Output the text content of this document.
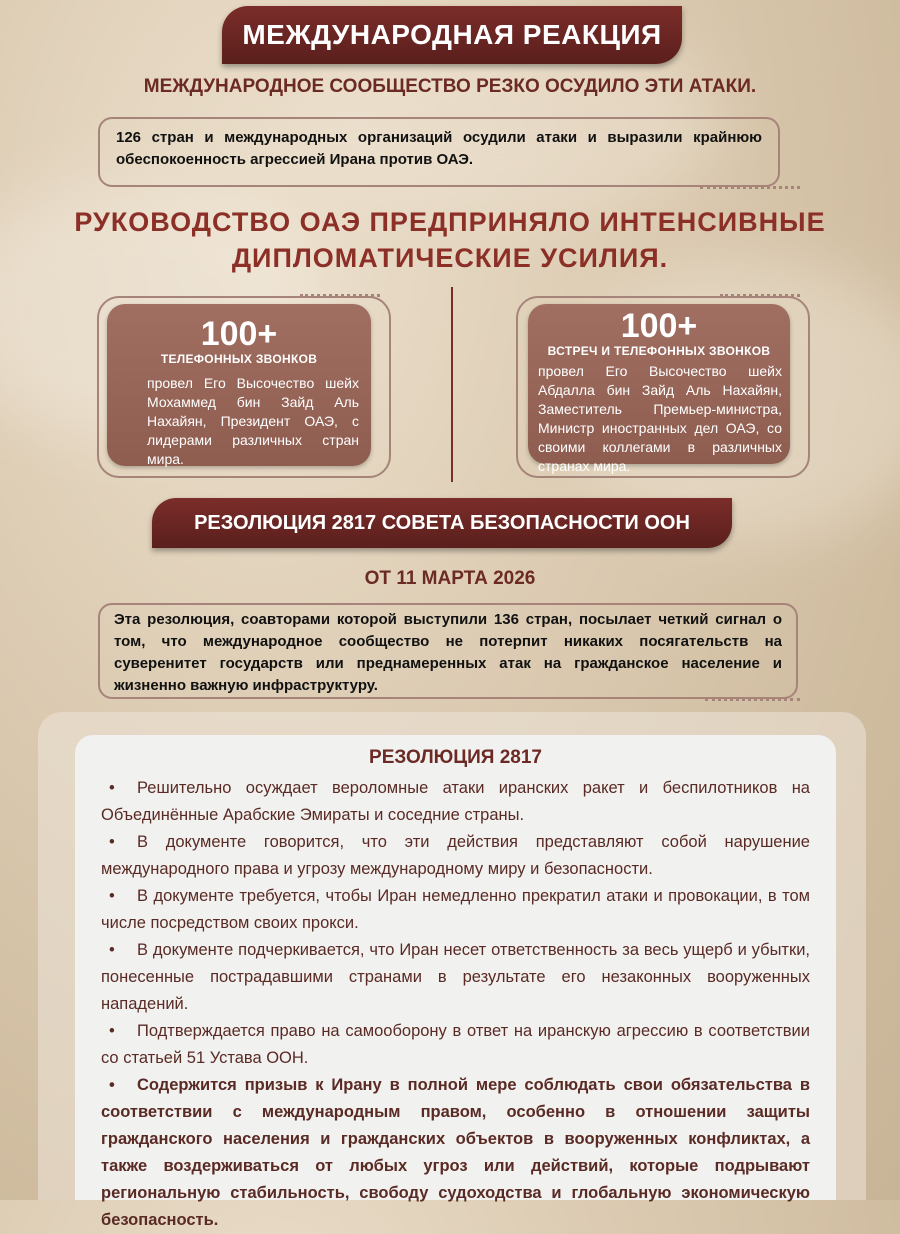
МЕЖДУНАРОДНАЯ РЕАКЦИЯ
МЕЖДУНАРОДНОЕ СООБЩЕСТВО РЕЗКО ОСУДИЛО ЭТИ АТАКИ.
126 стран и международных организаций осудили атаки и выразили крайнюю обеспокоенность агрессией Ирана против ОАЭ.
РУКОВОДСТВО ОАЭ ПРЕДПРИНЯЛО ИНТЕНСИВНЫЕ
ДИПЛОМАТИЧЕСКИЕ УСИЛИЯ.
100+
ТЕЛЕФОННЫХ ЗВОНКОВ
провел Его Высочество шейх Мохаммед бин Зайд Аль Нахайян, Президент ОАЭ, с лидерами различных стран мира.
100+
ВСТРЕЧ И ТЕЛЕФОННЫХ ЗВОНКОВ
провел Его Высочество шейх Абдалла бин Зайд Аль Нахайян, Заместитель Премьер-министра, Министр иностранных дел ОАЭ, со своими коллегами в различных странах мира.
РЕЗОЛЮЦИЯ 2817 СОВЕТА БЕЗОПАСНОСТИ ООН
ОТ 11 МАРТА 2026
Эта резолюция, соавторами которой выступили 136 стран, посылает четкий сигнал о том, что международное сообщество не потерпит никаких посягательств на суверенитет государств или преднамеренных атак на гражданское население и жизненно важную инфраструктуру.
РЕЗОЛЮЦИЯ 2817

• Решительно осуждает вероломные атаки иранских ракет и беспилотников на Объединённые Арабские Эмираты и соседние страны.

• В документе говорится, что эти действия представляют собой нарушение международного права и угрозу международному миру и безопасности.

• В документе требуется, чтобы Иран немедленно прекратил атаки и провокации, в том числе посредством своих прокси.

• В документе подчеркивается, что Иран несет ответственность за весь ущерб и убытки, понесенные пострадавшими странами в результате его незаконных вооруженных нападений.

• Подтверждается право на самооборону в ответ на иранскую агрессию в соответствии со статьей 51 Устава ООН.

• Содержится призыв к Ирану в полной мере соблюдать свои обязательства в соответствии с международным правом, особенно в отношении защиты гражданского населения и гражданских объектов в вооруженных конфликтах, а также воздерживаться от любых угроз или действий, которые подрывают региональную стабильность, свободу судоходства и глобальную экономическую безопасность.
